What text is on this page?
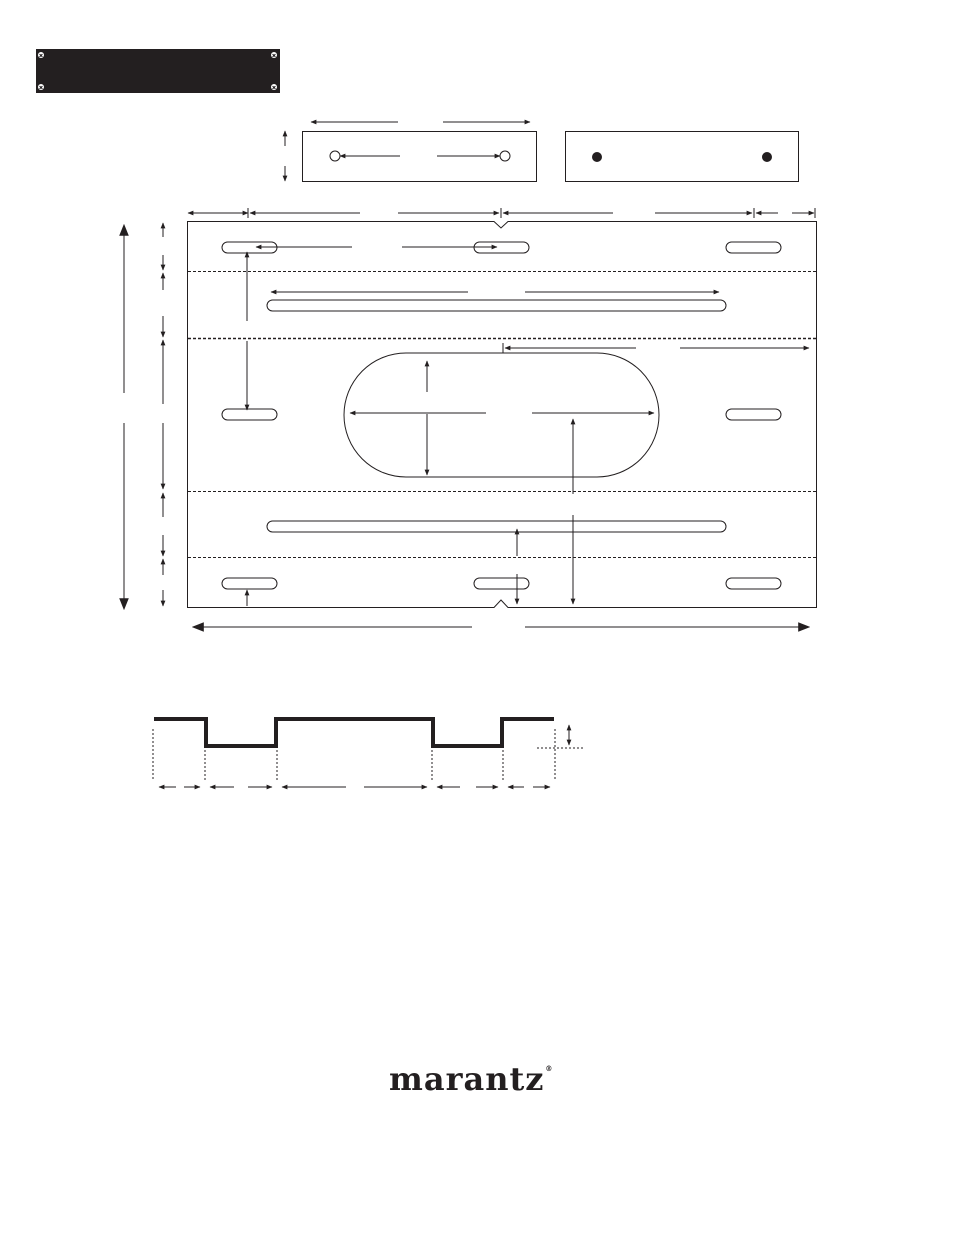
marantz®
